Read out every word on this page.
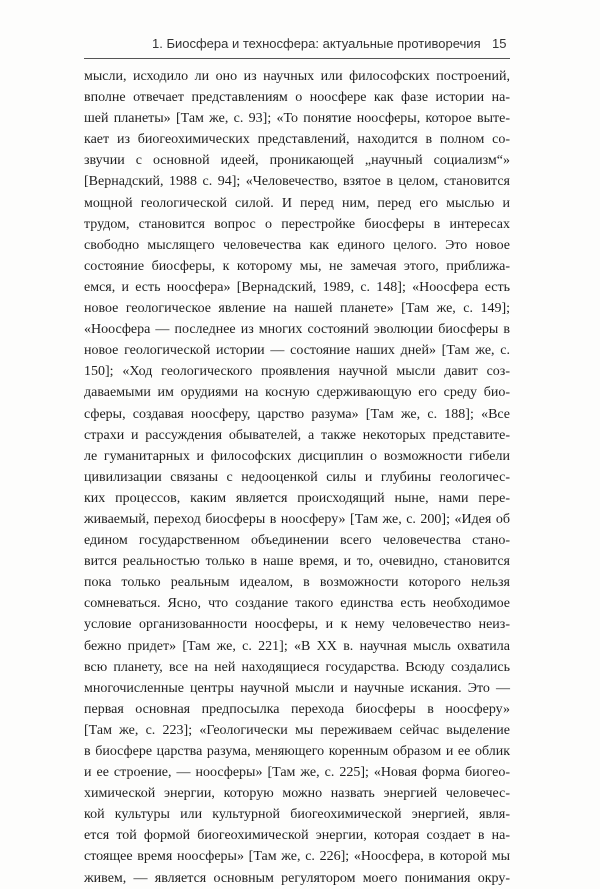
1. Биосфера и техносфера: актуальные противоречия 15
мысли, исходило ли оно из научных или философских построений,
вполне отвечает представлениям о ноосфере как фазе истории на-
шей планеты» [Там же, с. 93]; «То понятие ноосферы, которое выте-
кает из биогеохимических представлений, находится в полном со-
звучии с основной идеей, проникающей „научный социализм“»
[Вернадский, 1988 с. 94]; «Человечество, взятое в целом, становится
мощной геологической силой. И перед ним, перед его мыслью и
трудом, становится вопрос о перестройке биосферы в интересах
свободно мыслящего человечества как единого целого. Это новое
состояние биосферы, к которому мы, не замечая этого, приближа-
емся, и есть ноосфера» [Вернадский, 1989, с. 148]; «Ноосфера есть
новое геологическое явление на нашей планете» [Там же, с. 149];
«Ноосфера — последнее из многих состояний эволюции биосферы в
новое геологической истории — состояние наших дней» [Там же, с.
150]; «Ход геологического проявления научной мысли давит соз-
даваемыми им орудиями на косную сдерживающую его среду био-
сферы, создавая ноосферу, царство разума» [Там же, с. 188]; «Все
страхи и рассуждения обывателей, а также некоторых представите-
ле гуманитарных и философских дисциплин о возможности гибели
цивилизации связаны с недооценкой силы и глубины геологичес-
ких процессов, каким является происходящий ныне, нами пере-
живаемый, переход биосферы в ноосферу» [Там же, с. 200]; «Идея об
едином государственном объединении всего человечества стано-
вится реальностью только в наше время, и то, очевидно, становится
пока только реальным идеалом, в возможности которого нельзя
сомневаться. Ясно, что создание такого единства есть необходимое
условие организованности ноосферы, и к нему человечество неиз-
бежно придет» [Там же, с. 221]; «В XX в. научная мысль охватила
всю планету, все на ней находящиеся государства. Всюду создались
многочисленные центры научной мысли и научные искания. Это —
первая основная предпосылка перехода биосферы в ноосферу»
[Там же, с. 223]; «Геологически мы переживаем сейчас выделение
в биосфере царства разума, меняющего коренным образом и ее облик
и ее строение, — ноосферы» [Там же, с. 225]; «Новая форма биогео-
химической энергии, которую можно назвать энергией человечес-
кой культуры или культурной биогеохимической энергией, явля-
ется той формой биогеохимической энергии, которая создает в на-
стоящее время ноосферы» [Там же, с. 226]; «Ноосфера, в которой мы
живем, — является основным регулятором моего понимания окру-
